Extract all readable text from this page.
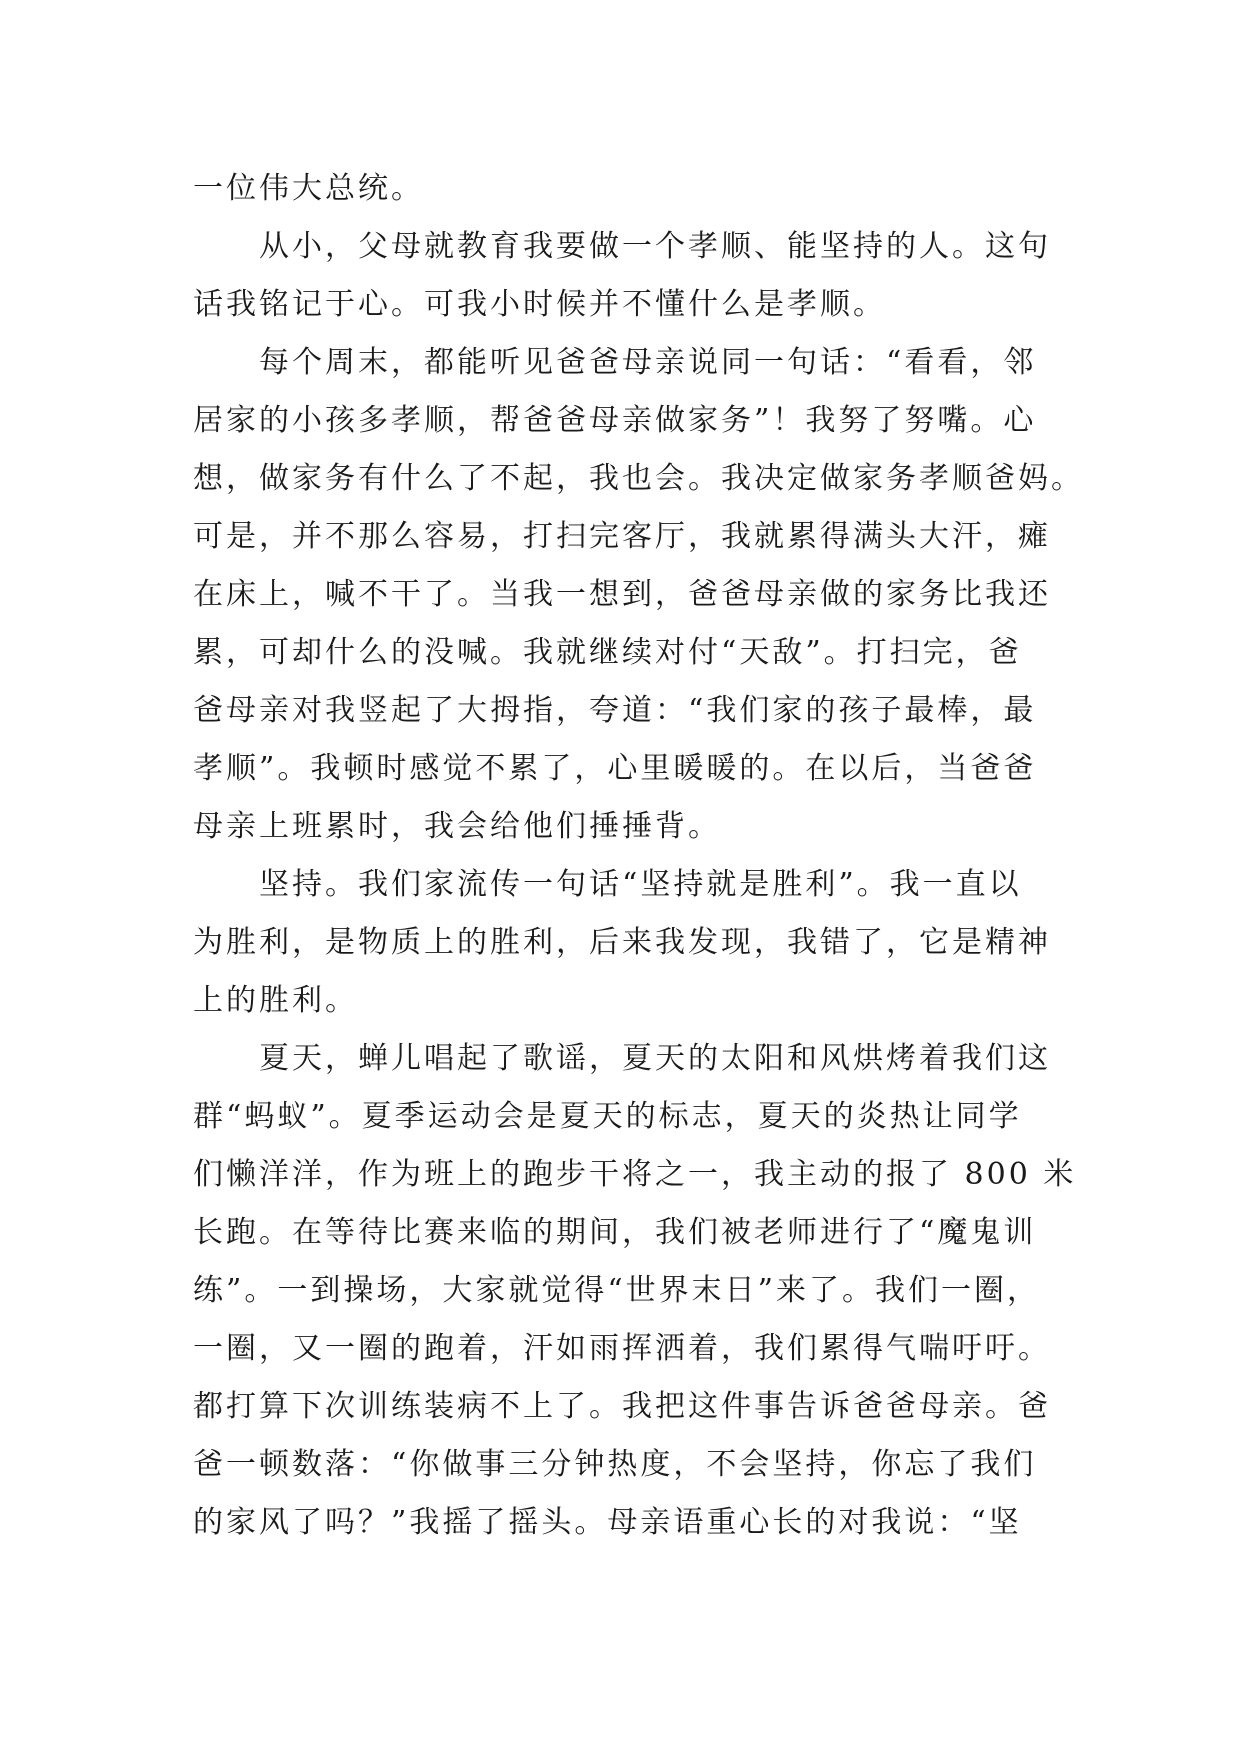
一位伟大总统。
从小，父母就教育我要做一个孝顺、能坚持的人。这句
话我铭记于心。可我小时候并不懂什么是孝顺。
每个周末，都能听见爸爸母亲说同一句话：“看看，邻
居家的小孩多孝顺，帮爸爸母亲做家务”！我努了努嘴。心
想，做家务有什么了不起，我也会。我决定做家务孝顺爸妈。
可是，并不那么容易，打扫完客厅，我就累得满头大汗，瘫
在床上，喊不干了。当我一想到，爸爸母亲做的家务比我还
累，可却什么的没喊。我就继续对付“天敌”。打扫完，爸
爸母亲对我竖起了大拇指，夸道：“我们家的孩子最棒，最
孝顺”。我顿时感觉不累了，心里暖暖的。在以后，当爸爸
母亲上班累时，我会给他们捶捶背。
坚持。我们家流传一句话“坚持就是胜利”。我一直以
为胜利，是物质上的胜利，后来我发现，我错了，它是精神
上的胜利。
夏天，蝉儿唱起了歌谣，夏天的太阳和风烘烤着我们这
群“蚂蚁”。夏季运动会是夏天的标志，夏天的炎热让同学
们懒洋洋，作为班上的跑步干将之一，我主动的报了 800 米
长跑。在等待比赛来临的期间，我们被老师进行了“魔鬼训
练”。一到操场，大家就觉得“世界末日”来了。我们一圈，
一圈，又一圈的跑着，汗如雨挥洒着，我们累得气喘吁吁。
都打算下次训练装病不上了。我把这件事告诉爸爸母亲。爸
爸一顿数落：“你做事三分钟热度，不会坚持，你忘了我们
的家风了吗？”我摇了摇头。母亲语重心长的对我说：“坚
